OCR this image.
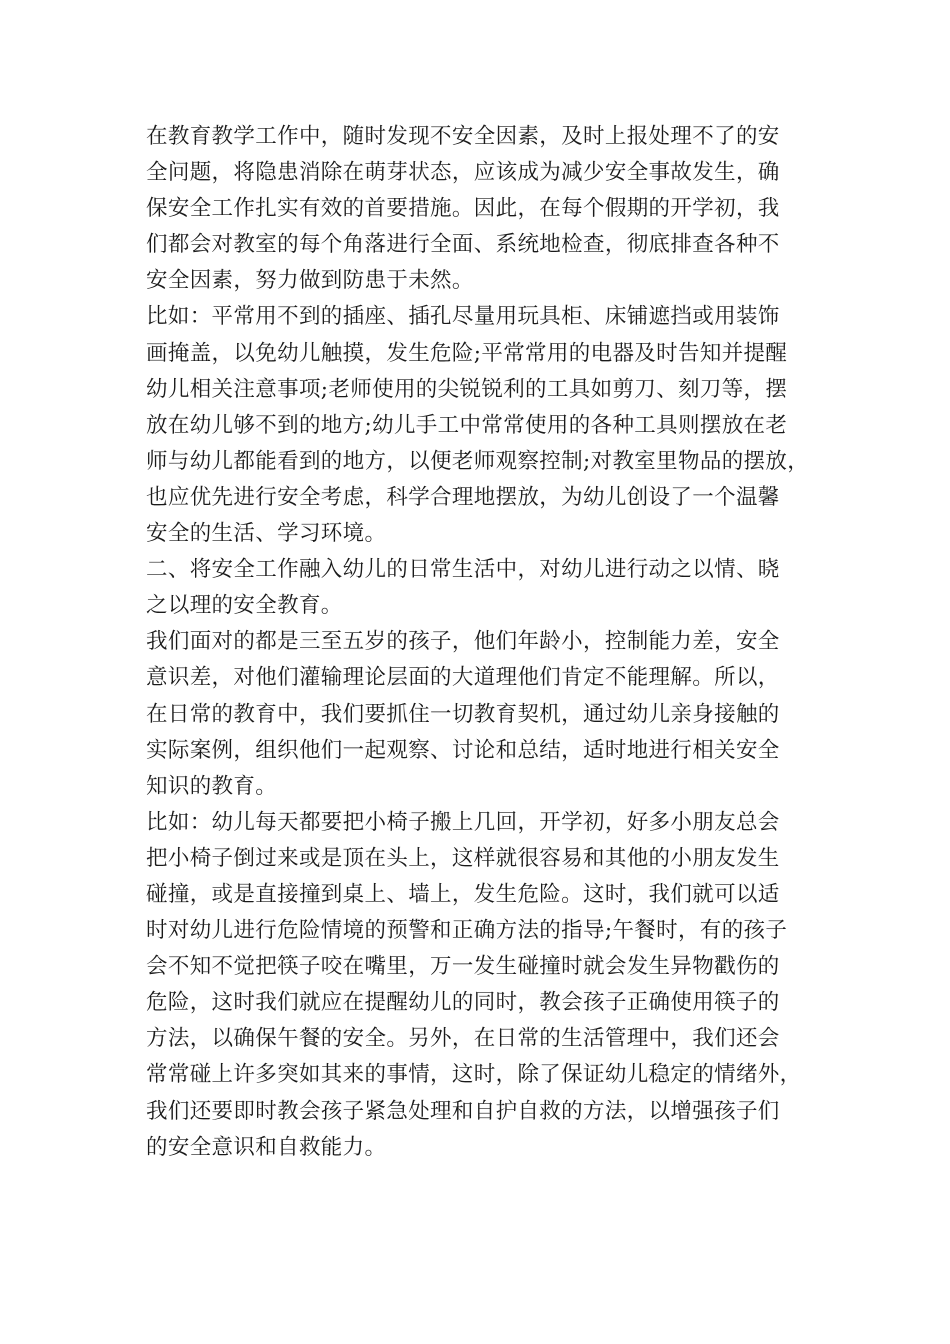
在教育教学工作中，随时发现不安全因素，及时上报处理不了的安
全问题，将隐患消除在萌芽状态，应该成为减少安全事故发生，确
保安全工作扎实有效的首要措施。因此，在每个假期的开学初，我
们都会对教室的每个角落进行全面、系统地检查，彻底排查各种不
安全因素，努力做到防患于未然。
比如：平常用不到的插座、插孔尽量用玩具柜、床铺遮挡或用装饰
画掩盖，以免幼儿触摸，发生危险;平常常用的电器及时告知并提醒
幼儿相关注意事项;老师使用的尖锐锐利的工具如剪刀、刻刀等，摆
放在幼儿够不到的地方;幼儿手工中常常使用的各种工具则摆放在老
师与幼儿都能看到的地方，以便老师观察控制;对教室里物品的摆放，
也应优先进行安全考虑，科学合理地摆放，为幼儿创设了一个温馨
安全的生活、学习环境。
二、将安全工作融入幼儿的日常生活中，对幼儿进行动之以情、晓
之以理的安全教育。
我们面对的都是三至五岁的孩子，他们年龄小，控制能力差，安全
意识差，对他们灌输理论层面的大道理他们肯定不能理解。所以，
在日常的教育中，我们要抓住一切教育契机，通过幼儿亲身接触的
实际案例，组织他们一起观察、讨论和总结，适时地进行相关安全
知识的教育。
比如：幼儿每天都要把小椅子搬上几回，开学初，好多小朋友总会
把小椅子倒过来或是顶在头上，这样就很容易和其他的小朋友发生
碰撞，或是直接撞到桌上、墙上，发生危险。这时，我们就可以适
时对幼儿进行危险情境的预警和正确方法的指导;午餐时，有的孩子
会不知不觉把筷子咬在嘴里，万一发生碰撞时就会发生异物戳伤的
危险，这时我们就应在提醒幼儿的同时，教会孩子正确使用筷子的
方法，以确保午餐的安全。另外，在日常的生活管理中，我们还会
常常碰上许多突如其来的事情，这时，除了保证幼儿稳定的情绪外，
我们还要即时教会孩子紧急处理和自护自救的方法，以增强孩子们
的安全意识和自救能力。
